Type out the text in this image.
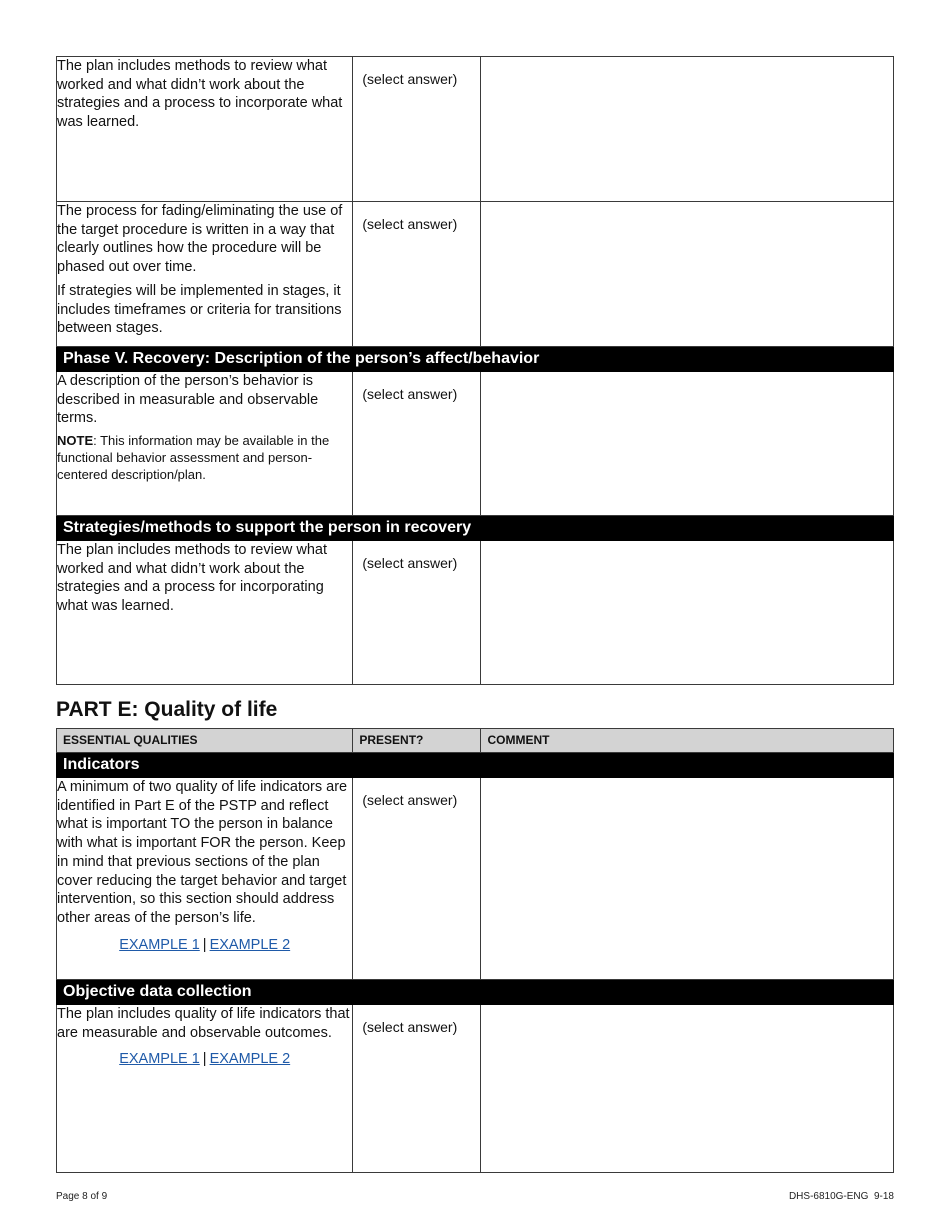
The plan includes methods to review what worked and what didn’t work about the strategies and a process to incorporate what was learned.	(select answer)	

The process for fading/eliminating the use of the target procedure is written in a way that clearly outlines how the procedure will be phased out over time.

If strategies will be implemented in stages, it includes timeframes or criteria for transitions between stages.	(select answer)	

Phase V. Recovery: Description of the person’s affect/behavior		

A description of the person’s behavior is described in measurable and observable terms.

NOTE: This information may be available in the functional behavior assessment and person-centered description/plan.	(select answer)	

Strategies/methods to support the person in recovery		

The plan includes methods to review what worked and what didn’t work about the strategies and a process for incorporating what was learned.	(select answer)	

PART E: Quality of life
ESSENTIAL QUALITIES	PRESENT?	COMMENT
Indicators		

A minimum of two quality of life indicators are identified in Part E of the PSTP and reflect what is important TO the person in balance with what is important FOR the person. Keep in mind that previous sections of the plan cover reducing the target behavior and target intervention, so this section should address other areas of the person’s life.

EXAMPLE 1 | EXAMPLE 2	(select answer)	

Objective data collection		

The plan includes quality of life indicators that are measurable and observable outcomes.

EXAMPLE 1 | EXAMPLE 2	(select answer)	

Page 8 of 9	DHS-6810G-ENG  9-18
